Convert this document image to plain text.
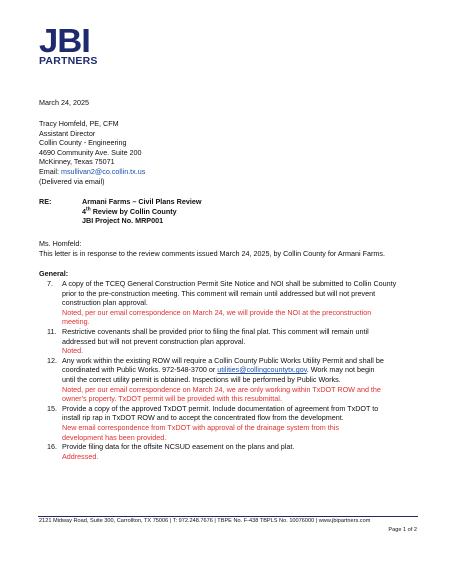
JBI
PARTNERS
March 24, 2025
Tracy Homfeld, PE, CFM
Assistant Director
Collin County - Engineering
4690 Community Ave. Suite 200
McKinney, Texas 75071
Email: msullivan2@co.collin.tx.us
(Delivered via email)
RE:	Armani Farms – Civil Plans Review
4th Review by Collin County
JBI Project No. MRP001
Ms. Homfeld:
This letter is in response to the review comments issued March 24, 2025, by Collin County for Armani Farms.
General:
7. A copy of the TCEQ General Construction Permit Site Notice and NOI shall be submitted to Collin County
prior to the pre-construction meeting. This comment will remain until addressed but will not prevent
construction plan approval.
Noted, per our email correspondence on March 24, we will provide the NOI at the preconstruction
meeting.
11. Restrictive covenants shall be provided prior to filing the final plat. This comment will remain until
addressed but will not prevent construction plan approval.
Noted.
12. Any work within the existing ROW will require a Collin County Public Works Utility Permit and shall be
coordinated with Public Works. 972-548-3700 or utilities@collingcountytx.gov. Work may not begin
until the correct utility permit is obtained. Inspections will be performed by Public Works.
Noted, per our email correspondence on March 24, we are only working within TxDOT ROW and the
owner's property. TxDOT permit will be provided with this resubmittal.
15. Provide a copy of the approved TxDOT permit. Include documentation of agreement from TxDOT to
install rip rap in TxDOT ROW and to accept the concentrated flow from the development.
New email correspondence from TxDOT with approval of the drainage system from this
development has been provided.
16. Provide filing data for the offsite NCSUD easement on the plans and plat.
Addressed.
2121 Midway Road, Suite 300, Carrollton, TX 75006 | T: 972.248.7676 | TBPE No. F-438 TBPLS No. 10076000 | www.jbipartners.com
Page 1 of 2
